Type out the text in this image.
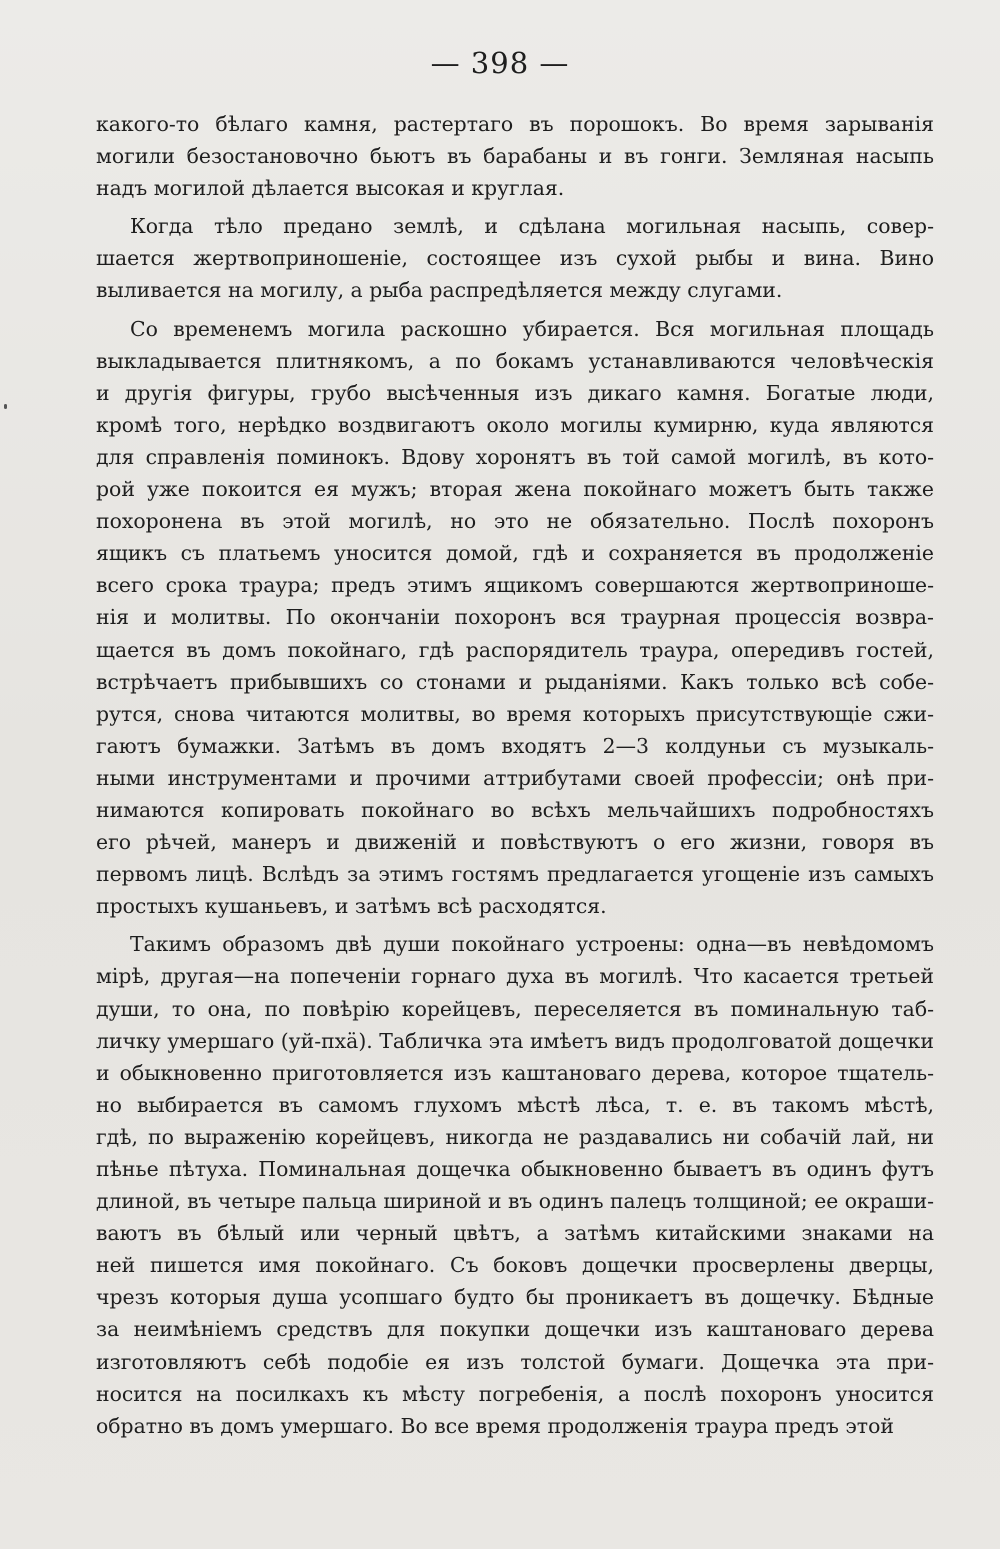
— 398 —
какого-то бѣлаго камня, растертаго въ порошокъ. Во время зарыванія
могили безостановочно бьютъ въ барабаны и въ гонги. Земляная насыпь
надъ могилой дѣлается высокая и круглая.
Когда тѣло предано землѣ, и сдѣлана могильная насыпь, совер-
шается жертвоприношеніе, состоящее изъ сухой рыбы и вина. Вино
выливается на могилу, а рыба распредѣляется между слугами.
Со временемъ могила раскошно убирается. Вся могильная площадь
выкладывается плитнякомъ, а по бокамъ устанавливаются человѣческія
и другія фигуры, грубо высѣченныя изъ дикаго камня. Богатые люди,
кромѣ того, нерѣдко воздвигаютъ около могилы кумирню, куда являются
для справленія поминокъ. Вдову хоронятъ въ той самой могилѣ, въ кото-
рой уже покоится ея мужъ; вторая жена покойнаго можетъ быть также
похоронена въ этой могилѣ, но это не обязательно. Послѣ похоронъ
ящикъ съ платьемъ уносится домой, гдѣ и сохраняется въ продолженіе
всего срока траура; предъ этимъ ящикомъ совершаются жертвоприноше-
нія и молитвы. По окончаніи похоронъ вся траурная процессія возвра-
щается въ домъ покойнаго, гдѣ распорядитель траура, опередивъ гостей,
встрѣчаетъ прибывшихъ со стонами и рыданіями. Какъ только всѣ собе-
рутся, снова читаются молитвы, во время которыхъ присутствующіе сжи-
гаютъ бумажки. Затѣмъ въ домъ входятъ 2—3 колдуньи съ музыкаль-
ными инструментами и прочими аттрибутами своей профессіи; онѣ при-
нимаются копировать покойнаго во всѣхъ мельчайшихъ подробностяхъ
его рѣчей, манеръ и движеній и повѣствуютъ о его жизни, говоря въ
первомъ лицѣ. Вслѣдъ за этимъ гостямъ предлагается угощеніе изъ самыхъ
простыхъ кушаньевъ, и затѣмъ всѣ расходятся.
Такимъ образомъ двѣ души покойнаго устроены: одна—въ невѣдомомъ
мірѣ, другая—на попеченіи горнаго духа въ могилѣ. Что касается третьей
души, то она, по повѣрію корейцевъ, переселяется въ поминальную таб-
личку умершаго (уй-пхä). Табличка эта имѣетъ видъ продолговатой дощечки
и обыкновенно приготовляется изъ каштановаго дерева, которое тщатель-
но выбирается въ самомъ глухомъ мѣстѣ лѣса, т. е. въ такомъ мѣстѣ,
гдѣ, по выраженію корейцевъ, никогда не раздавались ни собачій лай, ни
пѣнье пѣтуха. Поминальная дощечка обыкновенно бываетъ въ одинъ футъ
длиной, въ четыре пальца шириной и въ одинъ палецъ толщиной; ее окраши-
ваютъ въ бѣлый или черный цвѣтъ, а затѣмъ китайскими знаками на
ней пишется имя покойнаго. Съ боковъ дощечки просверлены дверцы,
чрезъ которыя душа усопшаго будто бы проникаетъ въ дощечку. Бѣдные
за неимѣніемъ средствъ для покупки дощечки изъ каштановаго дерева
изготовляютъ себѣ подобіе ея изъ толстой бумаги. Дощечка эта при-
носится на посилкахъ къ мѣсту погребенія, а послѣ похоронъ уносится
обратно въ домъ умершаго. Во все время продолженія траура предъ этой
